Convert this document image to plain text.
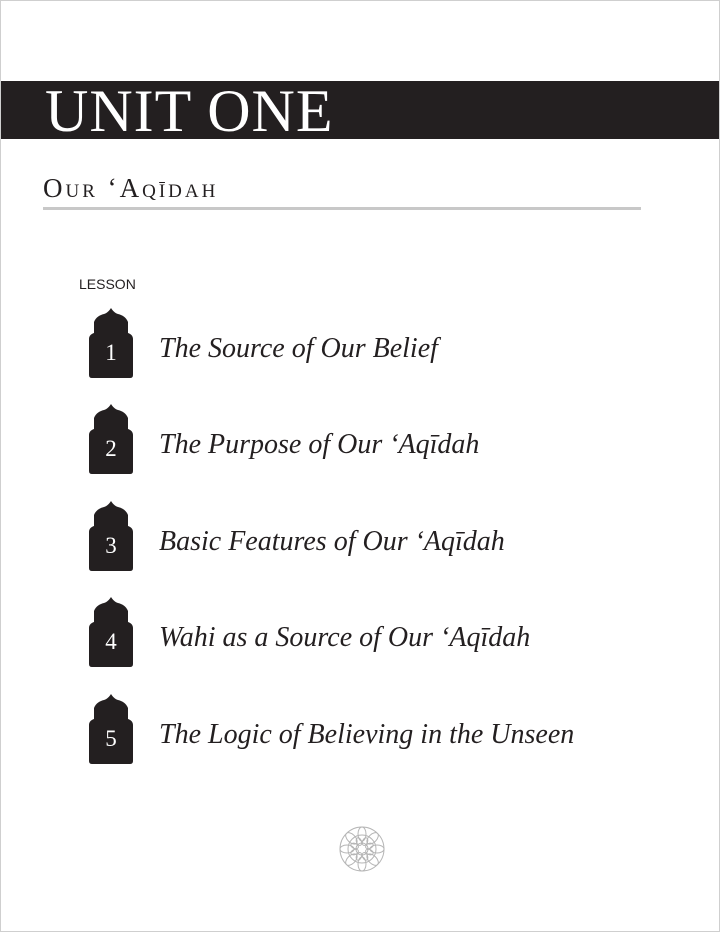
UNIT ONE
Our ‘Aqīdah
LESSON
1	The Source of Our Belief
2	The Purpose of Our ‘Aqīdah
3	Basic Features of Our ‘Aqīdah
4	Wahi as a Source of Our ‘Aqīdah
5	The Logic of Believing in the Unseen
